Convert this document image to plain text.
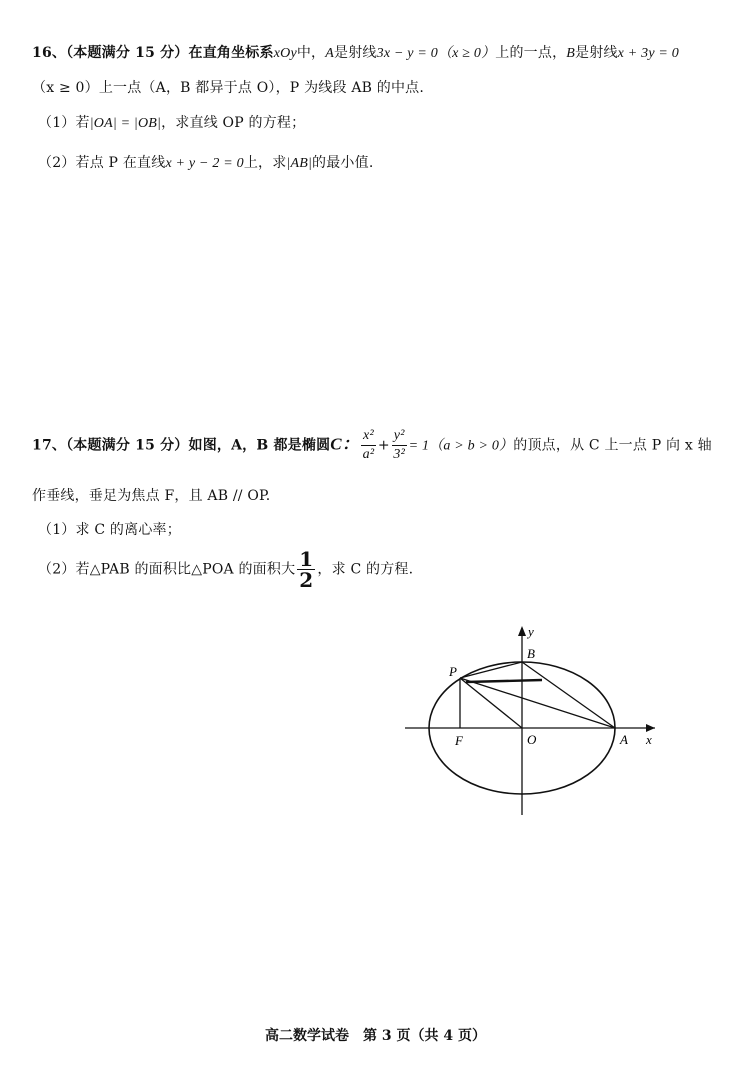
16、（本题满分 15 分）在直角坐标系xOy中，A是射线3x − y = 0（x ≥ 0）上的一点，B是射线x + 3y = 0
（x ≥ 0）上一点（A，B 都异于点 O），P 为线段 AB 的中点.
（1）若|OA| = |OB|，求直线 OP 的方程；
（2）若点 P 在直线x + y − 2 = 0上，求|AB|的最小值.
17、（本题满分 15 分）如图，A，B 都是椭圆C： $\frac{\text{x²}}{\text{a²}} + \frac{\text{y²}}{\text{3²}} = 1(a > b > 0)$的顶点，从 C 上一点 P 向 x 轴
作垂线，垂足为焦点 F，且 AB // OP.
（1）求 C 的离心率；
（2）若△PAB 的面积比△POA 的面积大 $\frac{1}{2}$ ，求 C 的方程.
y
x
B
P
F	O	A
高二数学试卷　第 3 页（共 4 页）
